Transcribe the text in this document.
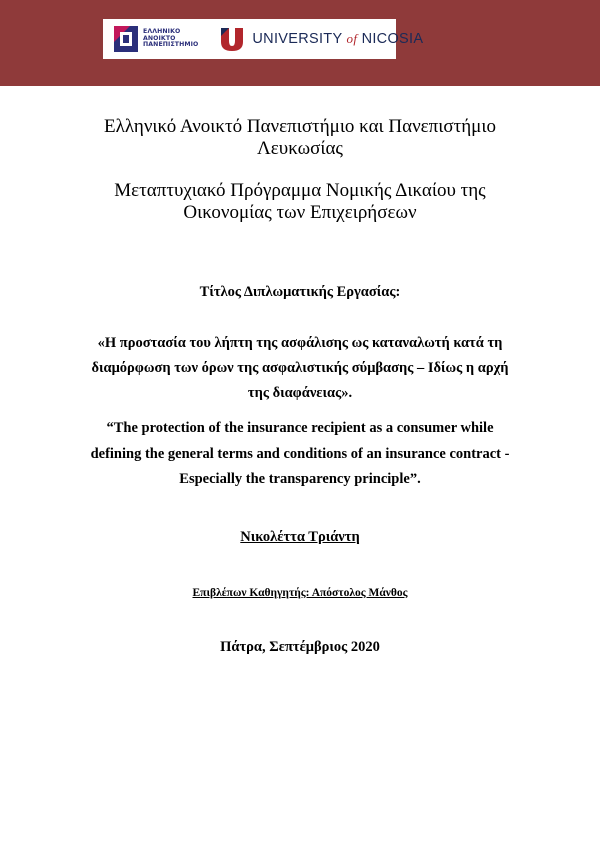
ΕΛΛΗΝΙΚΟ
ΑΝΟΙΚΤΟ
ΠΑΝΕΠΙΣΤΗΜΙΟ	UNIVERSITY of NICOSIA
Ελληνικό Ανοικτό Πανεπιστήμιο και Πανεπιστήμιο
Λευκωσίας
Μεταπτυχιακό Πρόγραμμα Νομικής Δικαίου της
Οικονομίας των Επιχειρήσεων
Τίτλος Διπλωματικής Εργασίας:
«Η προστασία του λήπτη της ασφάλισης ως καταναλωτή κατά τη
διαμόρφωση των όρων της ασφαλιστικής σύμβασης – Ιδίως η αρχή
της διαφάνειας».
“The protection of the insurance recipient as a consumer while
defining the general terms and conditions of an insurance contract -
Especially the transparency principle”.
Νικολέττα Τριάντη
Επιβλέπων Καθηγητής: Απόστολος Μάνθος
Πάτρα, Σεπτέμβριος 2020
